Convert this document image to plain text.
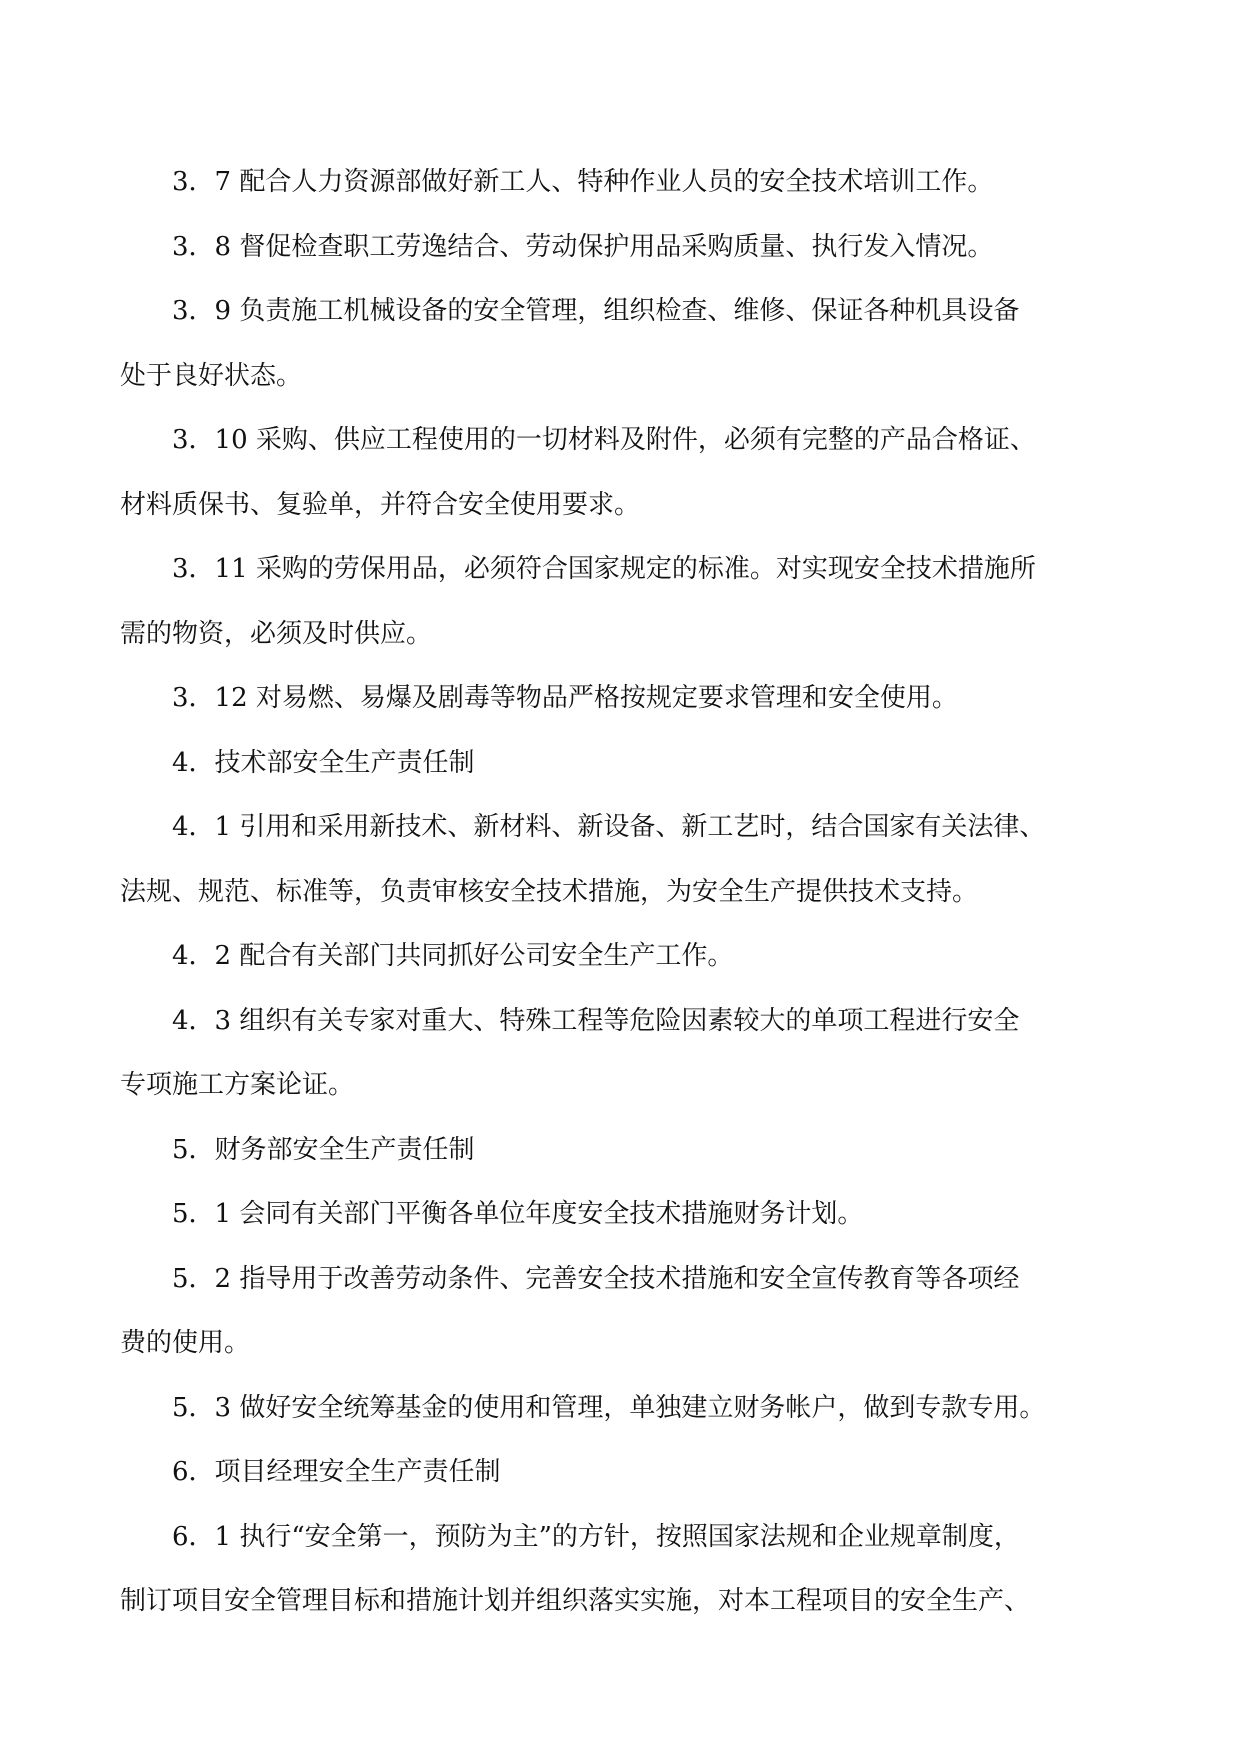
3．7 配合人力资源部做好新工人、特种作业人员的安全技术培训工作。
3．8 督促检查职工劳逸结合、劳动保护用品采购质量、执行发入情况。
3．9 负责施工机械设备的安全管理，组织检查、维修、保证各种机具设备
处于良好状态。
3．10 采购、供应工程使用的一切材料及附件，必须有完整的产品合格证、
材料质保书、复验单，并符合安全使用要求。
3．11 采购的劳保用品，必须符合国家规定的标准。对实现安全技术措施所
需的物资，必须及时供应。
3．12 对易燃、易爆及剧毒等物品严格按规定要求管理和安全使用。
4．技术部安全生产责任制
4．1 引用和采用新技术、新材料、新设备、新工艺时，结合国家有关法律、
法规、规范、标准等，负责审核安全技术措施，为安全生产提供技术支持。
4．2 配合有关部门共同抓好公司安全生产工作。
4．3 组织有关专家对重大、特殊工程等危险因素较大的单项工程进行安全
专项施工方案论证。
5．财务部安全生产责任制
5．1 会同有关部门平衡各单位年度安全技术措施财务计划。
5．2 指导用于改善劳动条件、完善安全技术措施和安全宣传教育等各项经
费的使用。
5．3 做好安全统筹基金的使用和管理，单独建立财务帐户，做到专款专用。
6．项目经理安全生产责任制
6．1 执行“安全第一，预防为主”的方针，按照国家法规和企业规章制度，
制订项目安全管理目标和措施计划并组织落实实施，对本工程项目的安全生产、
